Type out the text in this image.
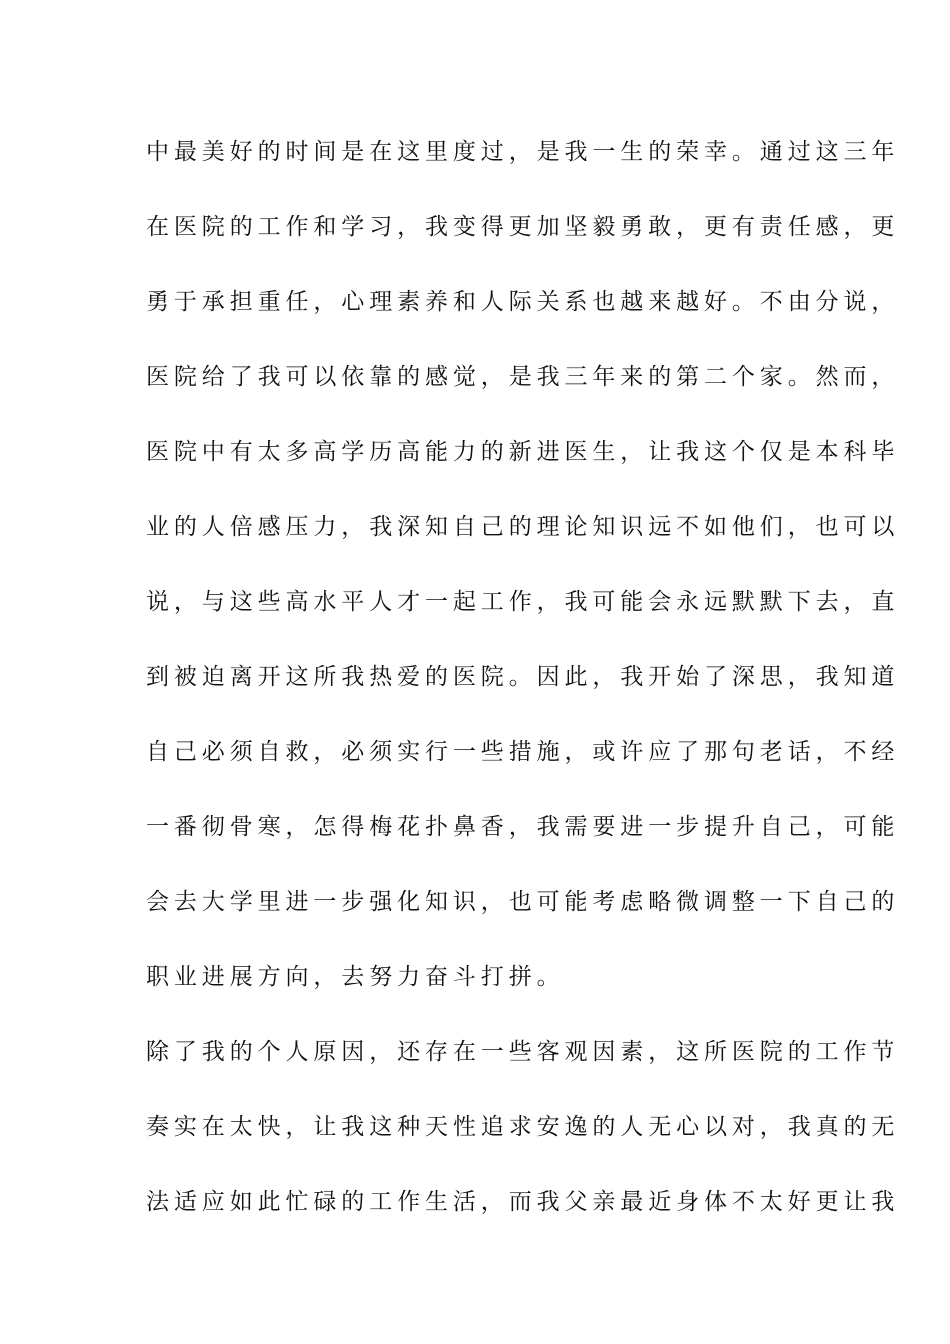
中最美好的时间是在这里度过，是我一生的荣幸。通过这三年
在医院的工作和学习，我变得更加坚毅勇敢，更有责任感，更
勇于承担重任，心理素养和人际关系也越来越好。不由分说，
医院给了我可以依靠的感觉，是我三年来的第二个家。然而，
医院中有太多高学历高能力的新进医生，让我这个仅是本科毕
业的人倍感压力，我深知自己的理论知识远不如他们，也可以
说，与这些高水平人才一起工作，我可能会永远默默下去，直
到被迫离开这所我热爱的医院。因此，我开始了深思，我知道
自己必须自救，必须实行一些措施，或许应了那句老话，不经
一番彻骨寒，怎得梅花扑鼻香，我需要进一步提升自己，可能
会去大学里进一步强化知识，也可能考虑略微调整一下自己的
职业进展方向，去努力奋斗打拼。
除了我的个人原因，还存在一些客观因素，这所医院的工作节
奏实在太快，让我这种天性追求安逸的人无心以对，我真的无
法适应如此忙碌的工作生活，而我父亲最近身体不太好更让我
